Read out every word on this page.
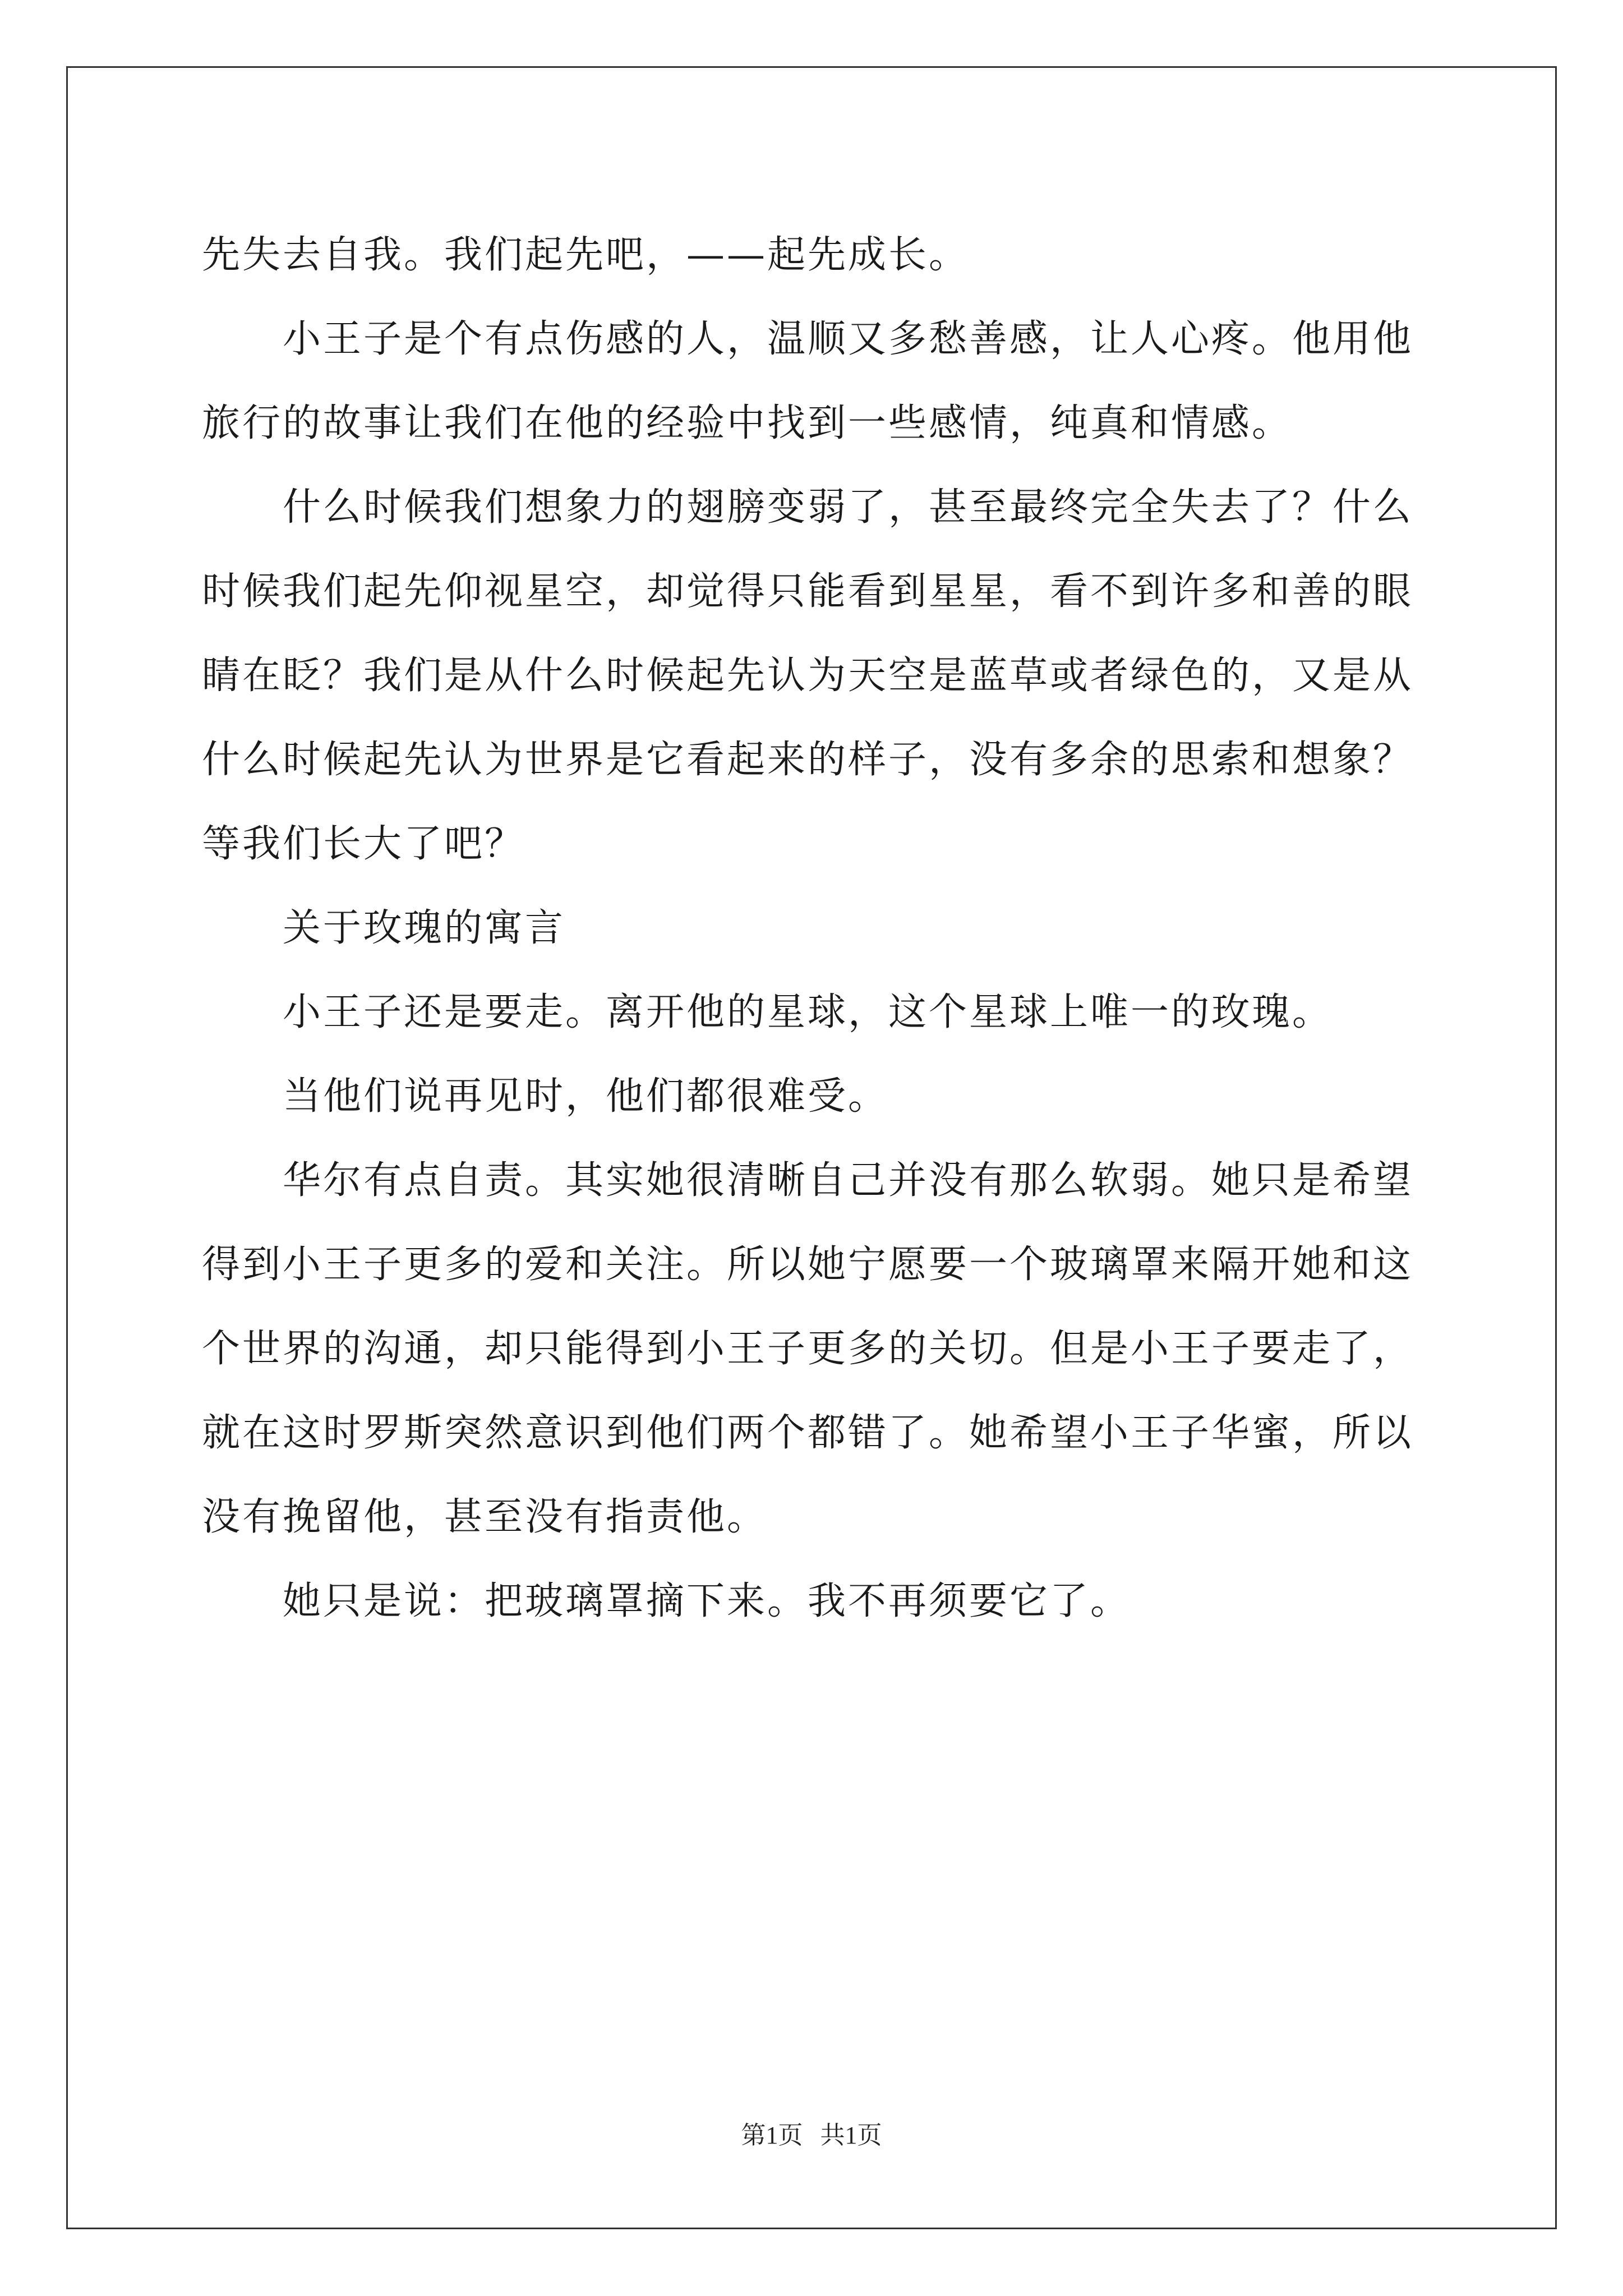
先失去自我。我们起先吧，——起先成长。

小王子是个有点伤感的人，温顺又多愁善感，让人心疼。他用他

旅行的故事让我们在他的经验中找到一些感情，纯真和情感。

什么时候我们想象力的翅膀变弱了，甚至最终完全失去了？什么

时候我们起先仰视星空，却觉得只能看到星星，看不到许多和善的眼

睛在眨？我们是从什么时候起先认为天空是蓝草或者绿色的，又是从

什么时候起先认为世界是它看起来的样子，没有多余的思索和想象？

等我们长大了吧？

关于玫瑰的寓言

小王子还是要走。离开他的星球，这个星球上唯一的玫瑰。

当他们说再见时，他们都很难受。

华尔有点自责。其实她很清晰自己并没有那么软弱。她只是希望

得到小王子更多的爱和关注。所以她宁愿要一个玻璃罩来隔开她和这

个世界的沟通，却只能得到小王子更多的关切。但是小王子要走了，

就在这时罗斯突然意识到他们两个都错了。她希望小王子华蜜，所以

没有挽留他，甚至没有指责他。

她只是说：把玻璃罩摘下来。我不再须要它了。

第1页 共1页
